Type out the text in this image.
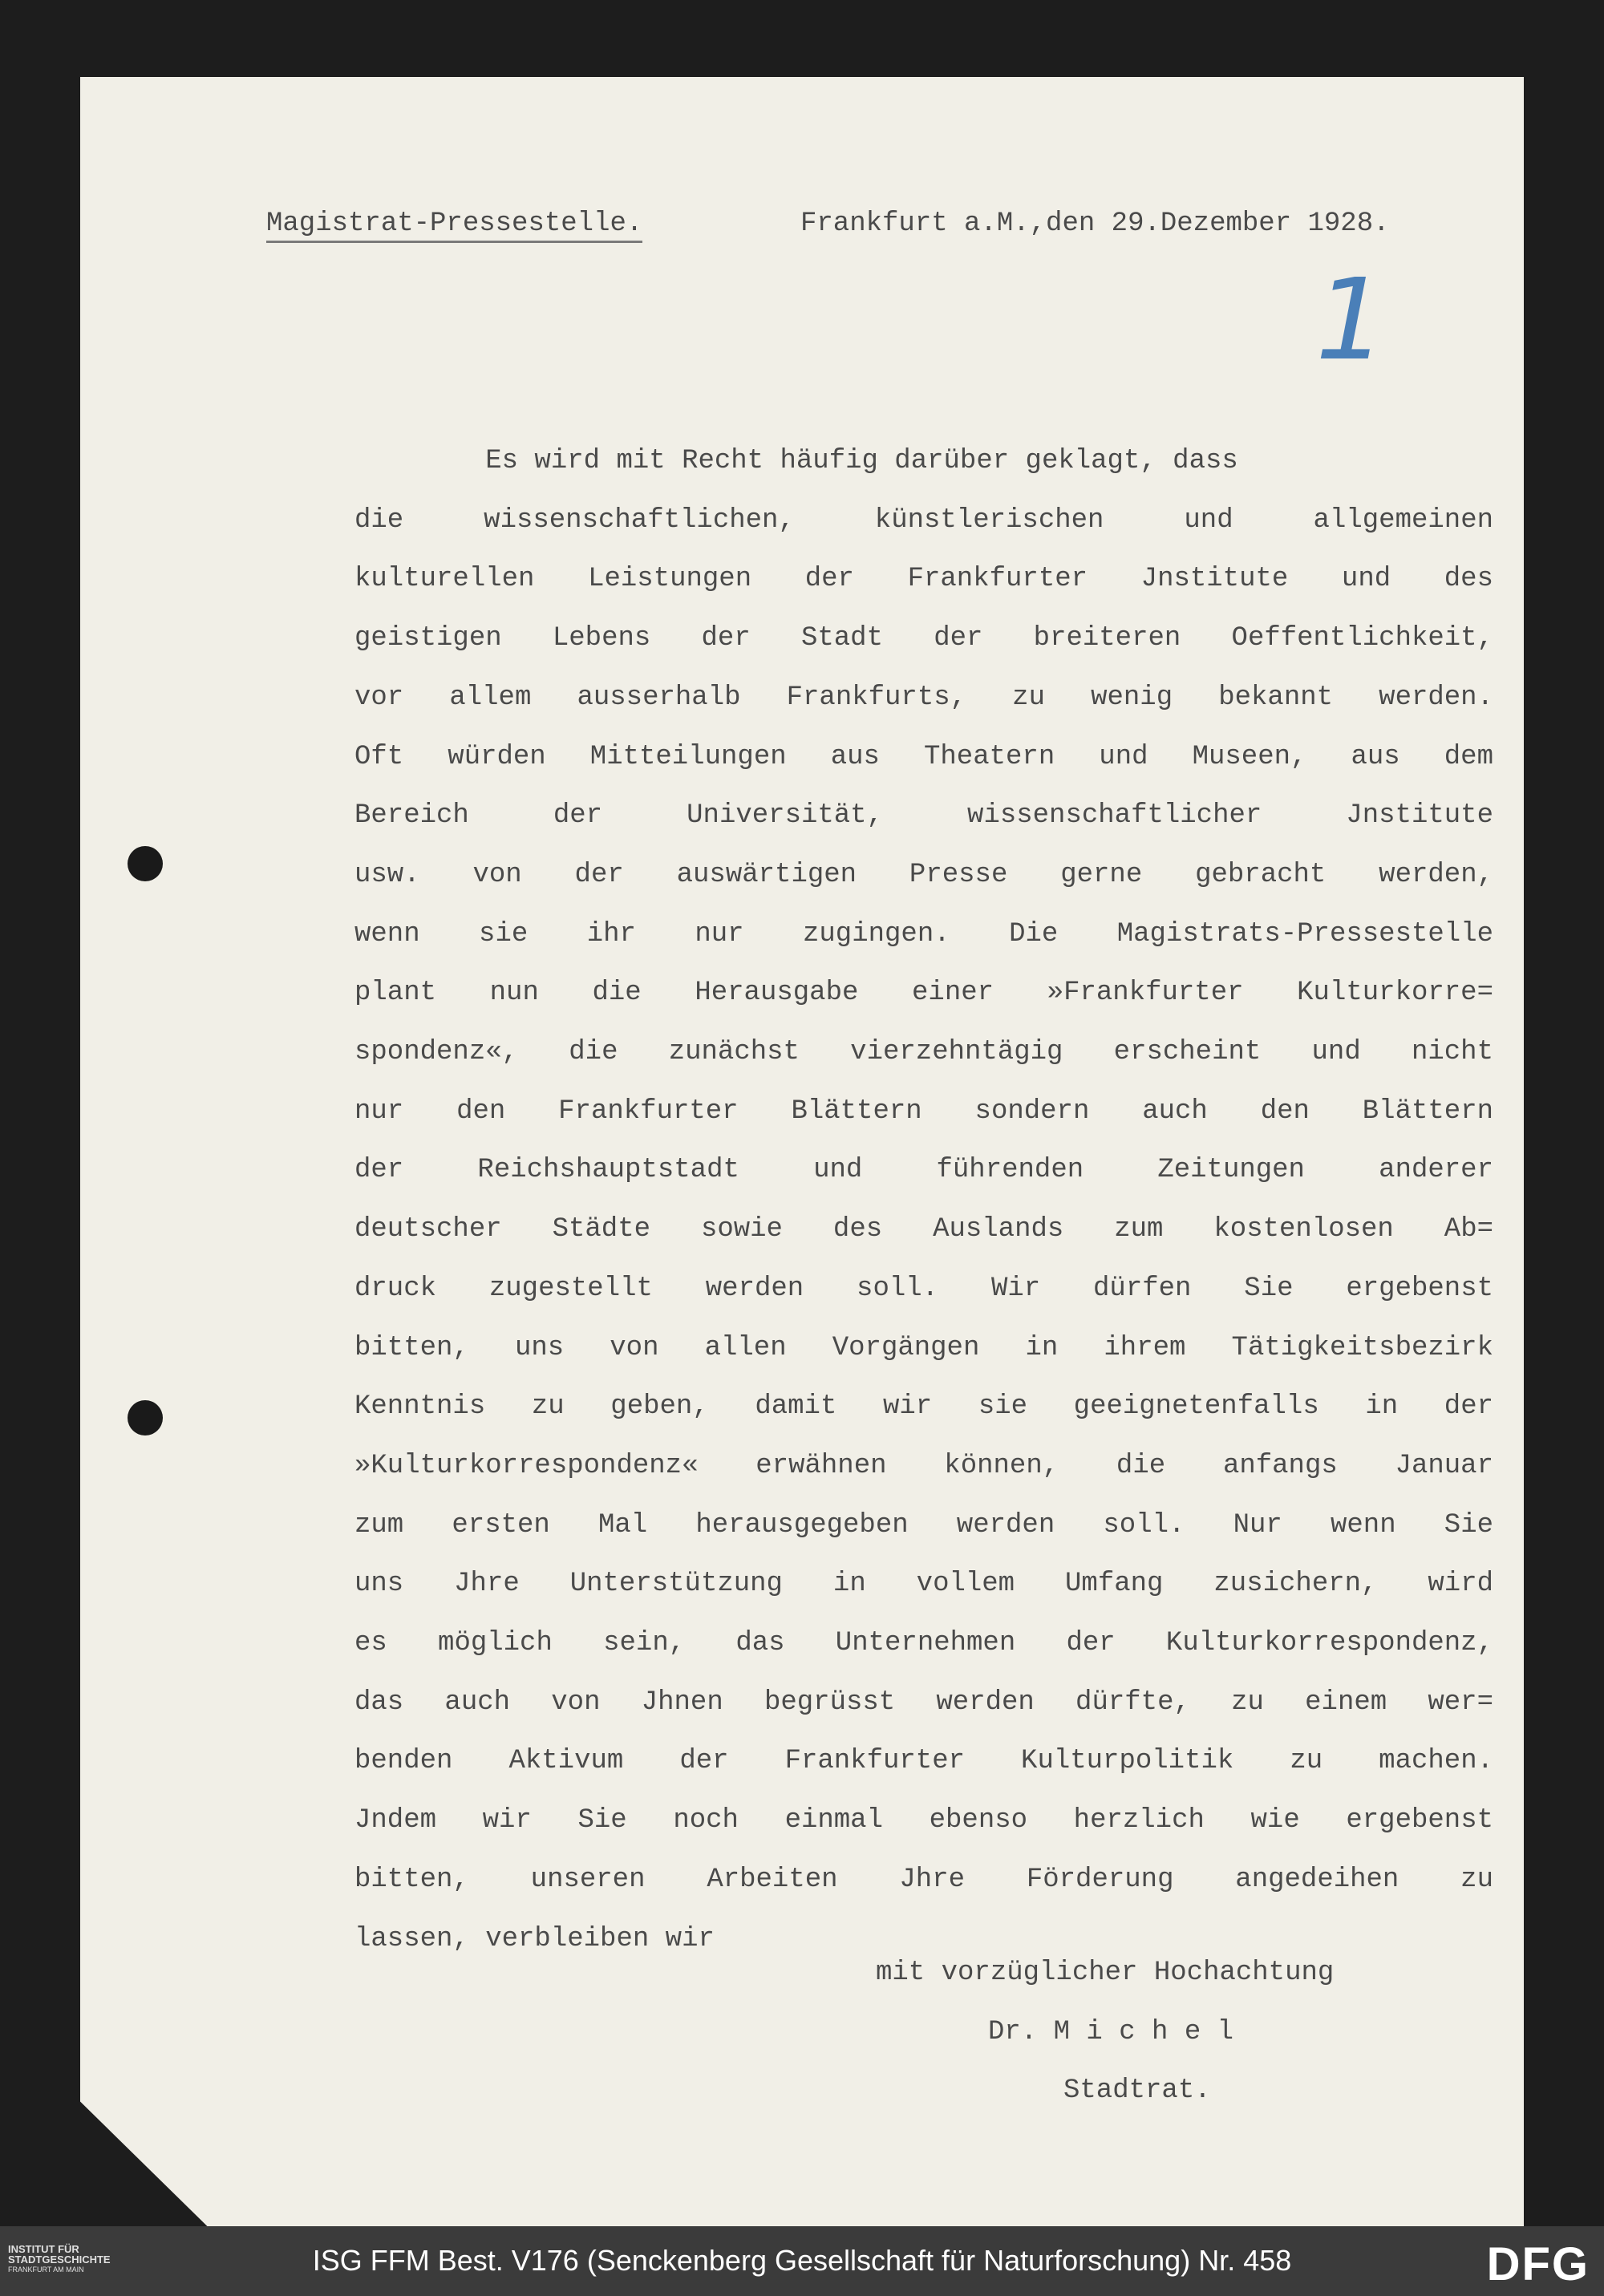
Magistrat-Pressestelle.	Frankfurt a.M.,den 29.Dezember 1928.
1
Es wird mit Recht häufig darüber geklagt, dass
die wissenschaftlichen, künstlerischen und allgemeinen
kulturellen Leistungen der Frankfurter Jnstitute und des
geistigen Lebens der Stadt der breiteren Oeffentlichkeit,
vor allem ausserhalb Frankfurts, zu wenig bekannt werden.
Oft würden Mitteilungen aus Theatern und Museen, aus dem
Bereich der Universität, wissenschaftlicher Jnstitute
usw. von der auswärtigen Presse gerne gebracht werden,
wenn sie ihr nur zugingen. Die Magistrats-Pressestelle
plant nun die Herausgabe einer »Frankfurter Kulturkorre=
spondenz«, die zunächst vierzehntägig erscheint und nicht
nur den Frankfurter Blättern sondern auch den Blättern
der Reichshauptstadt und führenden Zeitungen anderer
deutscher Städte sowie des Auslands zum kostenlosen Ab=
druck zugestellt werden soll. Wir dürfen Sie ergebenst
bitten, uns von allen Vorgängen in ihrem Tätigkeitsbezirk
Kenntnis zu geben, damit wir sie geeignetenfalls in der
»Kulturkorrespondenz« erwähnen können, die anfangs Januar
zum ersten Mal herausgegeben werden soll. Nur wenn Sie
uns Jhre Unterstützung in vollem Umfang zusichern, wird
es möglich sein, das Unternehmen der Kulturkorrespondenz,
das auch von Jhnen begrüsst werden dürfte, zu einem wer=
benden Aktivum der Frankfurter Kulturpolitik zu machen.
Jndem wir Sie noch einmal ebenso herzlich wie ergebenst
bitten, unseren Arbeiten Jhre Förderung angedeihen zu
lassen, verbleiben wir
mit vorzüglicher Hochachtung
Dr. M i c h e l
Stadtrat.
INSTITUT FÜR
STADTGESCHICHTE
FRANKFURT AM MAIN	ISG FFM Best. V176 (Senckenberg Gesellschaft für Naturforschung) Nr. 458	DFG
